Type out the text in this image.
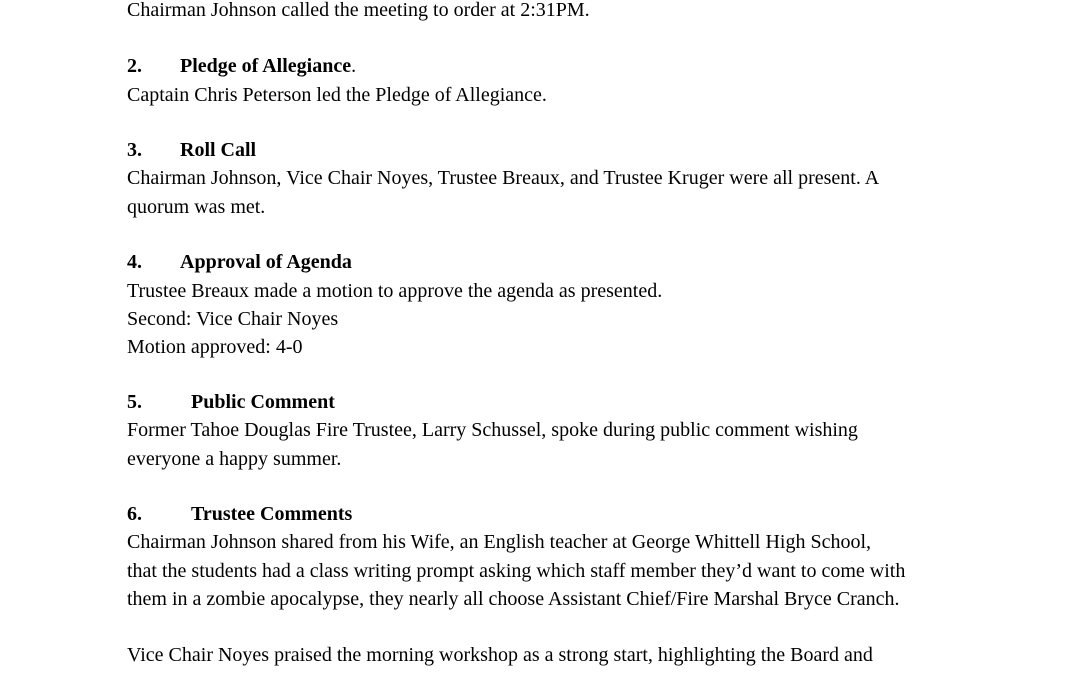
Chairman Johnson called the meeting to order at 2:31PM.
2. Pledge of Allegiance.
Captain Chris Peterson led the Pledge of Allegiance.
3. Roll Call
Chairman Johnson, Vice Chair Noyes, Trustee Breaux, and Trustee Kruger were all present. A
quorum was met.
4. Approval of Agenda
Trustee Breaux made a motion to approve the agenda as presented.
Second: Vice Chair Noyes
Motion approved: 4-0
5. Public Comment
Former Tahoe Douglas Fire Trustee, Larry Schussel, spoke during public comment wishing
everyone a happy summer.
6. Trustee Comments
Chairman Johnson shared from his Wife, an English teacher at George Whittell High School,
that the students had a class writing prompt asking which staff member they’d want to come with
them in a zombie apocalypse, they nearly all choose Assistant Chief/Fire Marshal Bryce Cranch.
Vice Chair Noyes praised the morning workshop as a strong start, highlighting the Board and
